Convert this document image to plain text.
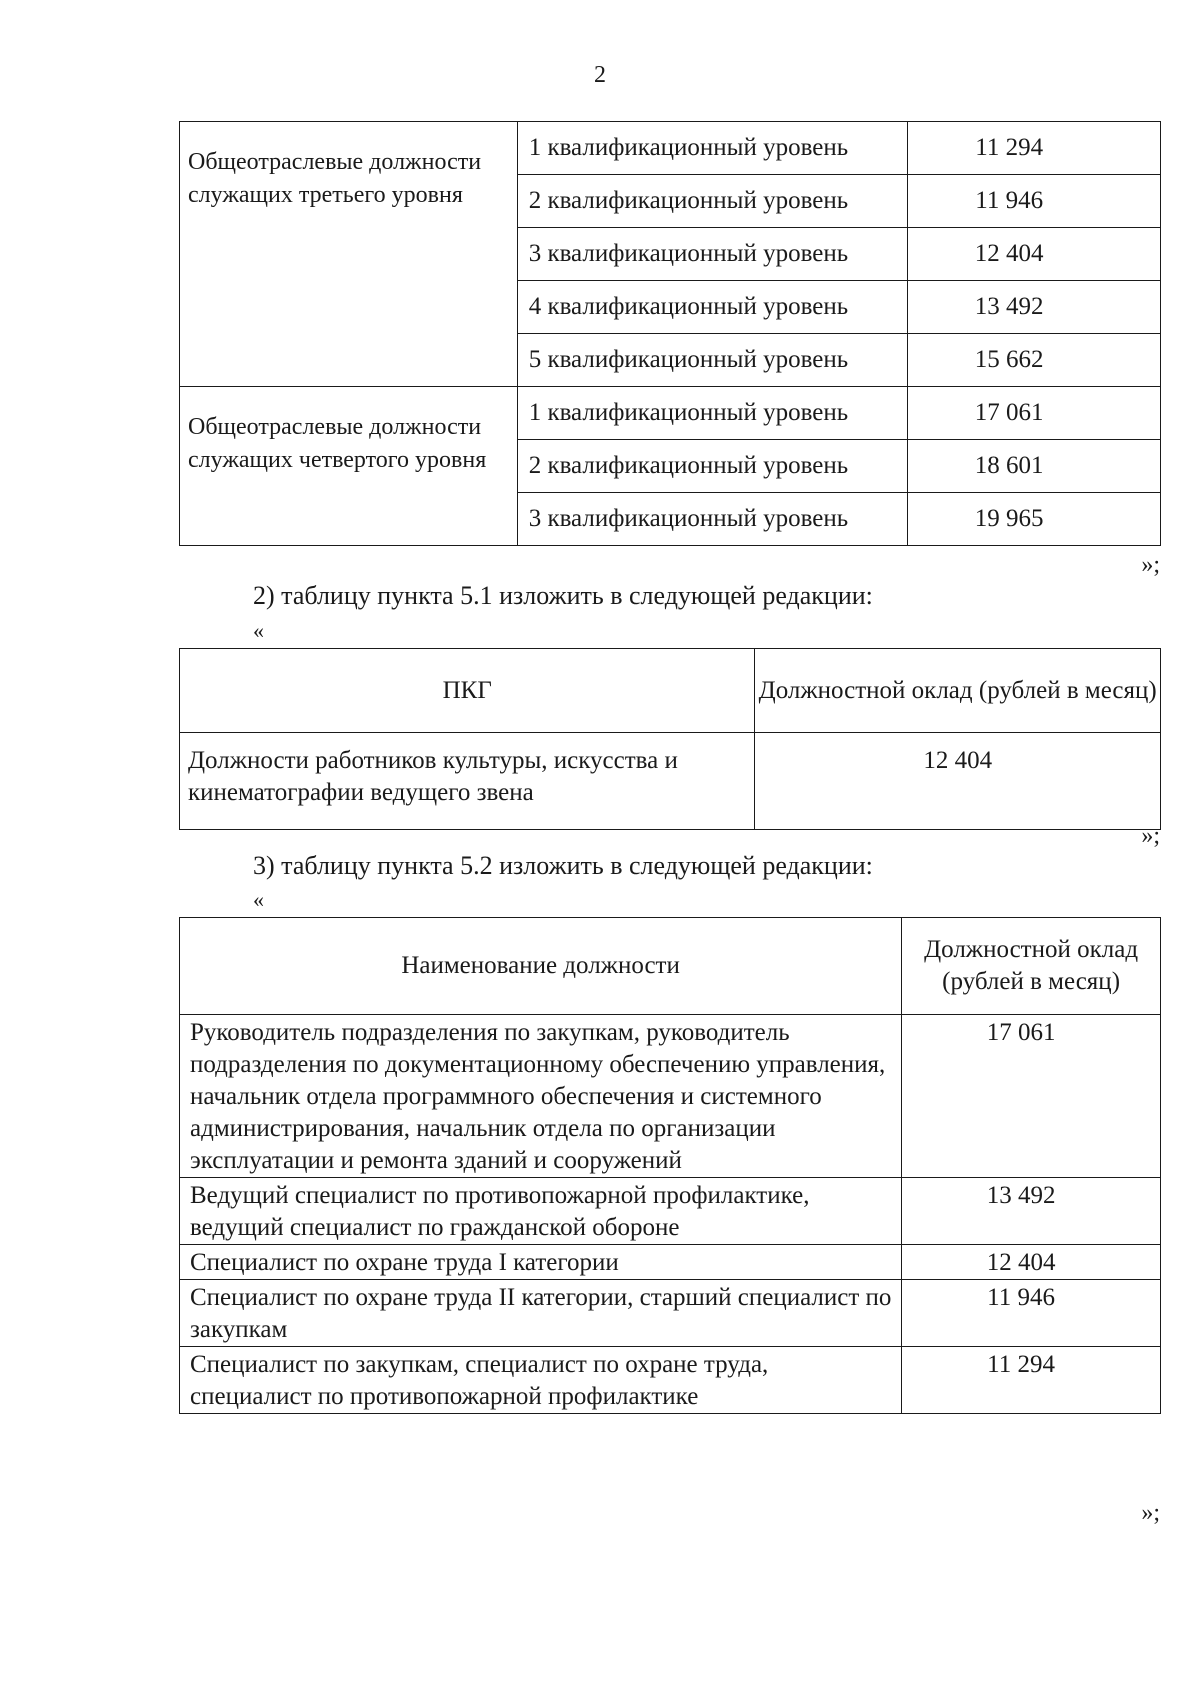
2
Общеотраслевые должности служащих третьего уровня	1 квалификационный уровень	11 294
	2 квалификационный уровень	11 946
	3 квалификационный уровень	12 404
	4 квалификационный уровень	13 492
	5 квалификационный уровень	15 662
Общеотраслевые должности служащих четвертого уровня	1 квалификационный уровень	17 061
	2 квалификационный уровень	18 601
	3 квалификационный уровень	19 965
»;
2) таблицу пункта 5.1 изложить в следующей редакции:
«
ПКГ	Должностной оклад (рублей в месяц)
Должности работников культуры, искусства и кинематографии ведущего звена	12 404
»;
3) таблицу пункта 5.2 изложить в следующей редакции:
«
Наименование должности	Должностной оклад (рублей в месяц)
Руководитель подразделения по закупкам, руководитель подразделения по документационному обеспечению управления, начальник отдела программного обеспечения и системного администрирования, начальник отдела по организации эксплуатации и ремонта зданий и сооружений	17 061
Ведущий специалист по противопожарной профилактике, ведущий специалист по гражданской обороне	13 492
Специалист по охране труда I категории	12 404
Специалист по охране труда II категории, старший специалист по закупкам	11 946
Специалист по закупкам, специалист по охране труда, специалист по противопожарной профилактике	11 294
»;
